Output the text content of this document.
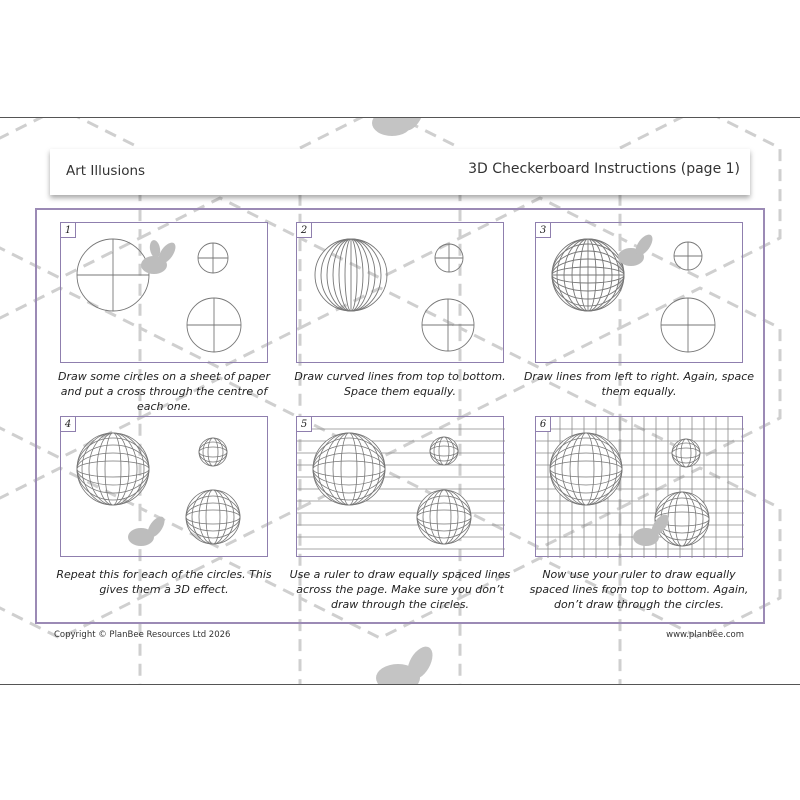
Art Illusions	3D Checkerboard Instructions (page 1)
1
Draw some circles on a sheet of paper and put a cross through the centre of each one.
2
Draw curved lines from top to bottom. Space them equally.
3
Draw lines from left to right. Again, space them equally.
4
Repeat this for each of the circles. This gives them a 3D effect.
5
Use a ruler to draw equally spaced lines across the page. Make sure you don’t draw through the circles.
6
Now use your ruler to draw equally spaced lines from top to bottom. Again, don’t draw through the circles.
Copyright © PlanBee Resources Ltd 2026	www.planbee.com
